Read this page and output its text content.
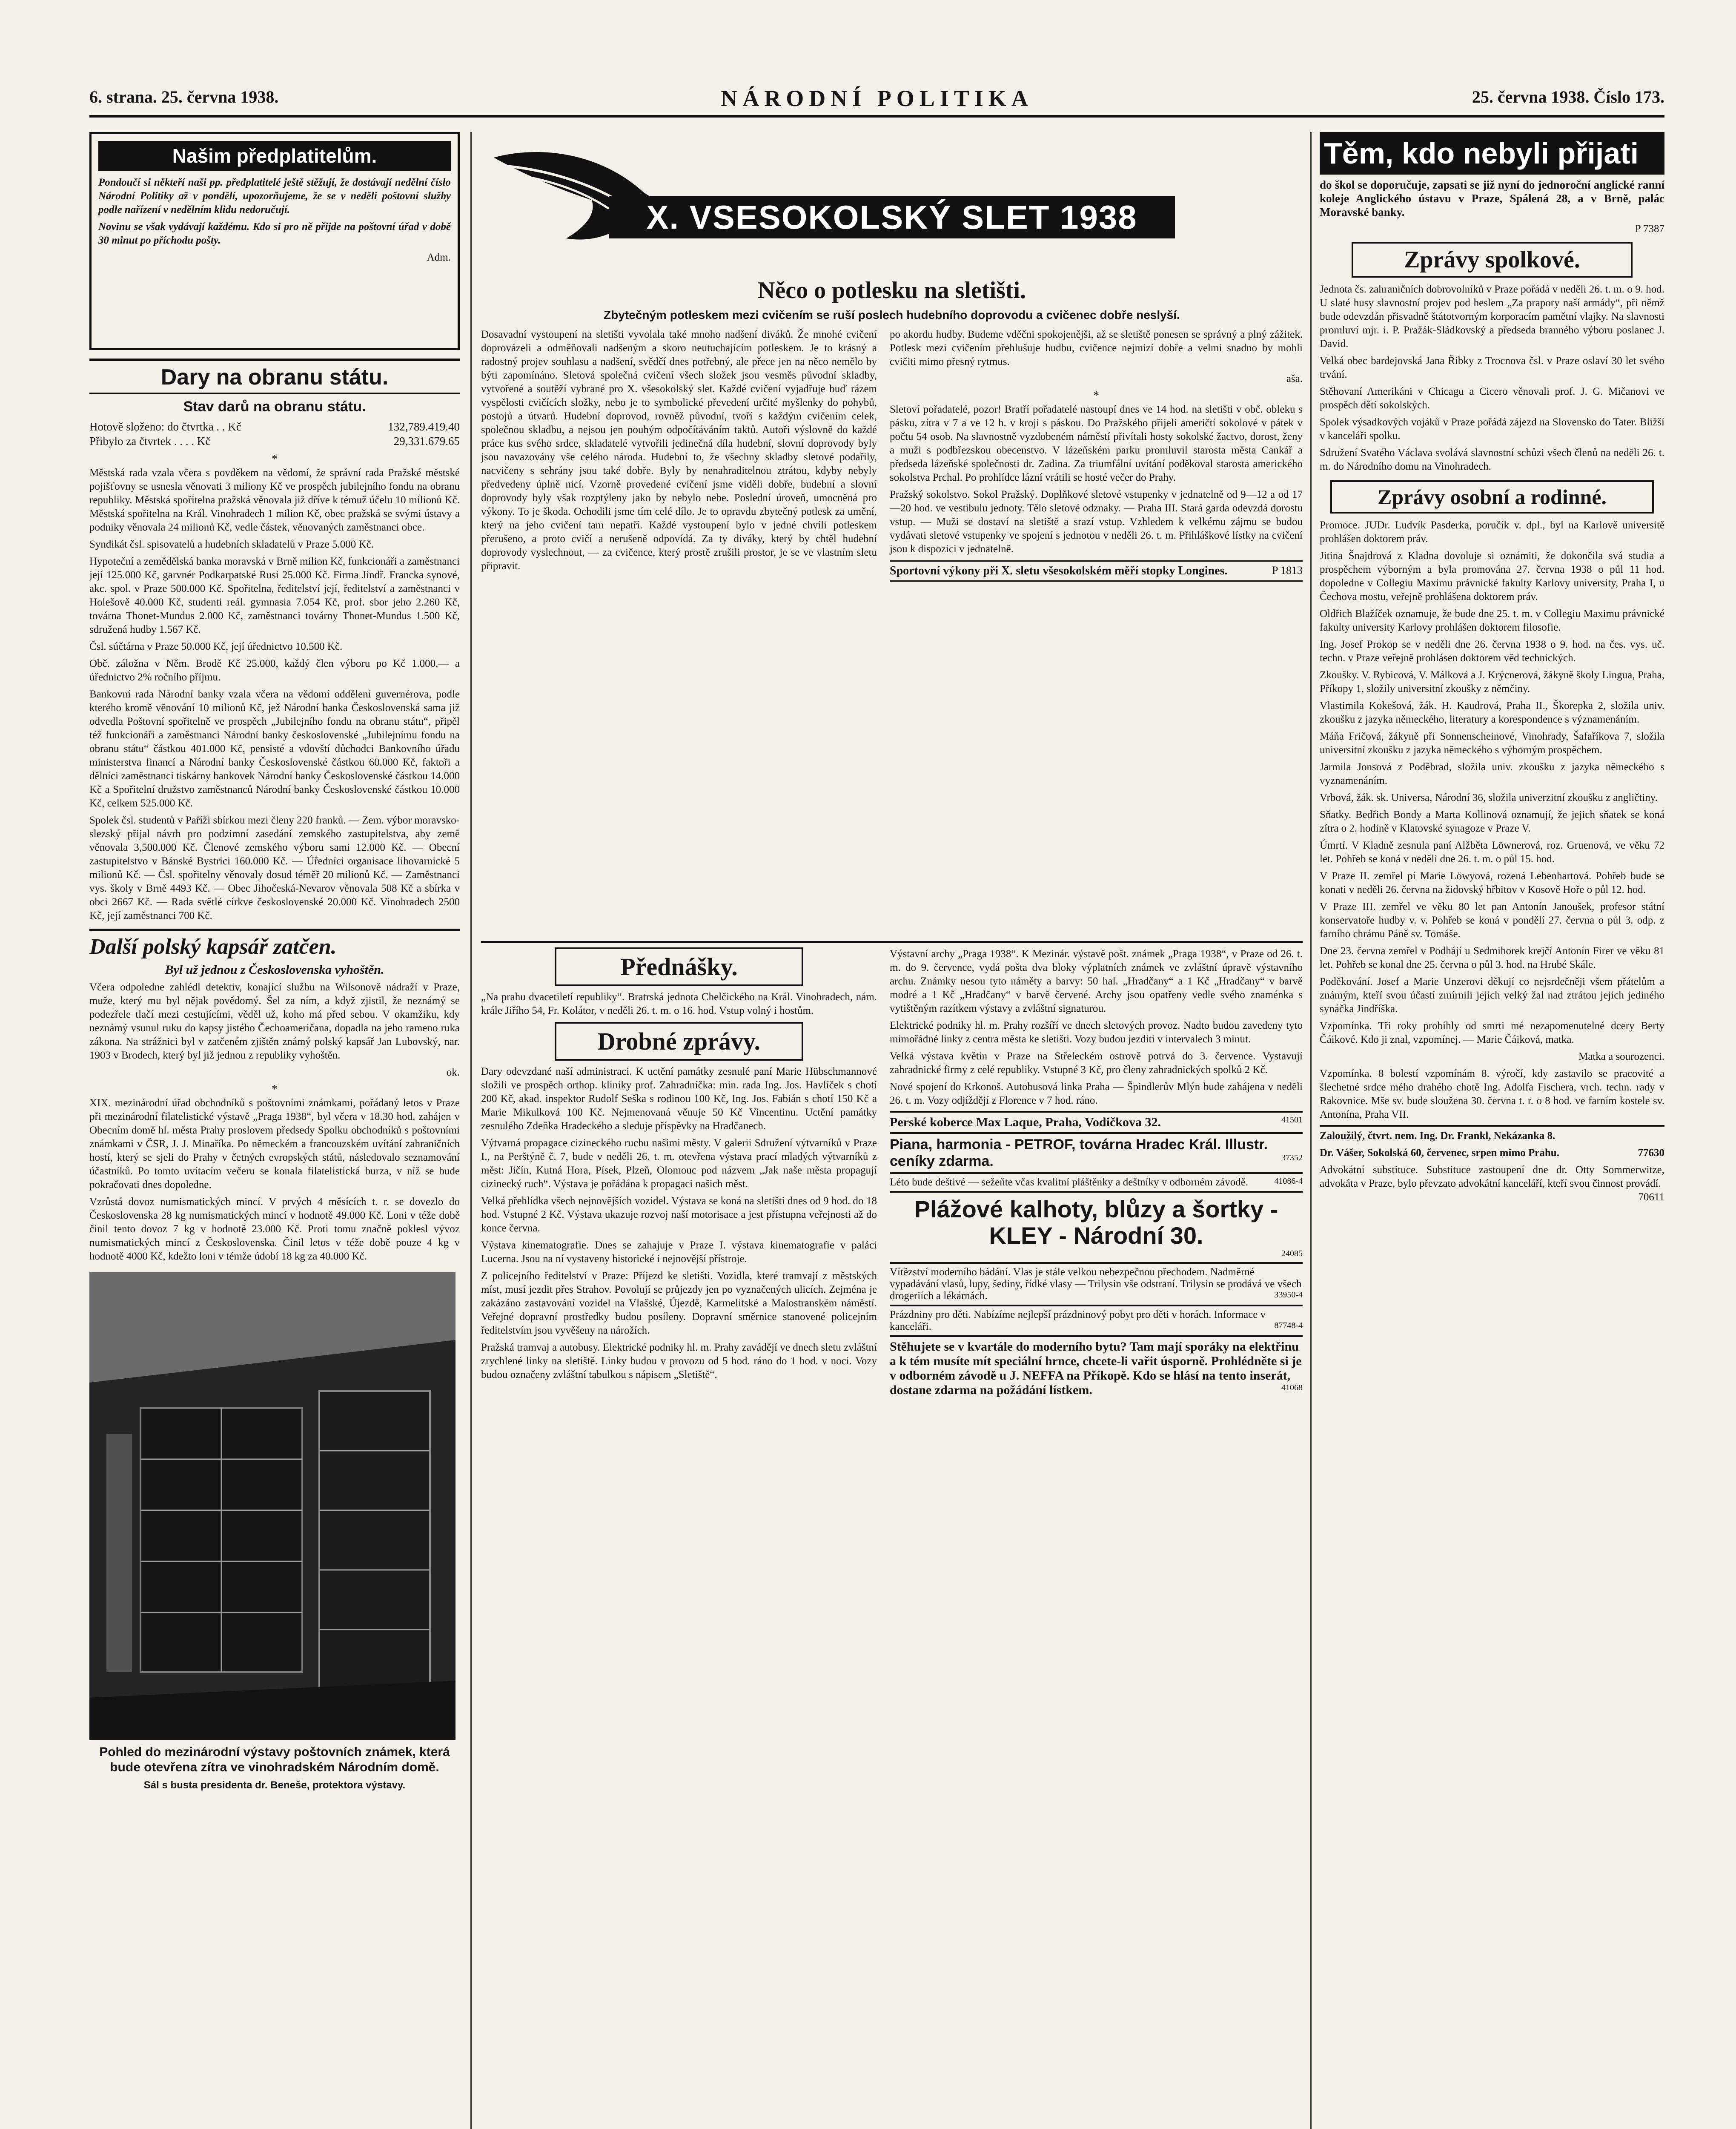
6. strana. 25. června 1938.	NÁRODNÍ POLITIKA	25. června 1938. Číslo 173.
Našim předplatitelům.

Pondoučí si někteří naši pp. předplatitelé ještě stěžují, že dostávají nedělní číslo Národní Politiky až v pondělí, upozorňujeme, že se v neděli poštovní služby podle nařízení v nedělním klidu nedoručují.

Novinu se však vydávají každému. Kdo si pro ně přijde na poštovní úřad v době 30 minut po příchodu pošty.

Adm.

Dary na obranu státu.
Stav darů na obranu státu.
Hotově složeno: do čtvrtka . . Kč	132,789.419.40
Přibylo za čtvrtek . . . . Kč	29,331.679.65
*

Městská rada vzala včera s povděkem na vědomí, že správní rada Pražské městské pojišťovny se usnesla věnovati 3 miliony Kč ve prospěch jubilejního fondu na obranu republiky. Městská spořitelna pražská věnovala již dříve k témuž účelu 10 milionů Kč. Městská spořitelna na Král. Vinohradech 1 milion Kč, obec pražská se svými ústavy a podniky věnovala 24 milionů Kč, vedle částek, věnovaných zaměstnanci obce.

Syndikát čsl. spisovatelů a hudebních skladatelů v Praze 5.000 Kč.

Hypoteční a zemědělská banka moravská v Brně milion Kč, funkcionáři a zaměstnanci její 125.000 Kč, garvnér Podkarpatské Rusi 25.000 Kč. Firma Jindř. Francka synové, akc. spol. v Praze 500.000 Kč. Spořitelna, ředitelství její, ředitelství a zaměstnanci v Holešově 40.000 Kč, studenti reál. gymnasia 7.054 Kč, prof. sbor jeho 2.260 Kč, továrna Thonet-Mundus 2.000 Kč, zaměstnanci továrny Thonet-Mundus 1.500 Kč, sdružená hudby 1.567 Kč.

Čsl. súčtárna v Praze 50.000 Kč, její úřednictvo 10.500 Kč.

Obč. záložna v Něm. Brodě Kč 25.000, každý člen výboru po Kč 1.000.— a úřednictvo 2% ročního příjmu.

Bankovní rada Národní banky vzala včera na vědomí oddělení guvernérova, podle kterého kromě věnování 10 milionů Kč, jež Národní banka Československá sama již odvedla Poštovní spořitelně ve prospěch „Jubilejního fondu na obranu státu“, připěl též funkcionáři a zaměstnanci Národní banky československé „Jubilejnímu fondu na obranu státu“ částkou 401.000 Kč, pensisté a vdovští důchodci Bankovního úřadu ministerstva financí a Národní banky Československé částkou 60.000 Kč, faktoři a dělníci zaměstnanci tiskárny bankovek Národní banky Československé částkou 14.000 Kč a Spořitelní družstvo zaměstnanců Národní banky Československé částkou 10.000 Kč, celkem 525.000 Kč.

Spolek čsl. studentů v Paříži sbírkou mezi členy 220 franků. — Zem. výbor moravsko-slezský přijal návrh pro podzimní zasedání zemského zastupitelstva, aby země věnovala 3,500.000 Kč. Členové zemského výboru sami 12.000 Kč. — Obecní zastupitelstvo v Bánské Bystrici 160.000 Kč. — Úředníci organisace lihovarnické 5 milionů Kč. — Čsl. spořitelny věnovaly dosud téměř 20 milionů Kč. — Zaměstnanci vys. školy v Brně 4493 Kč. — Obec Jihočeská-Nevarov věnovala 508 Kč a sbírka v obci 2667 Kč. — Rada světlé církve československé 20.000 Kč. Vinohradech 2500 Kč, její zaměstnanci 700 Kč.

Další polský kapsář zatčen.
Byl už jednou z Československa vyhoštěn.

Včera odpoledne zahlédl detektiv, konající službu na Wilsonově nádraží v Praze, muže, který mu byl nějak povědomý. Šel za ním, a když zjistil, že neznámý se podezřele tlačí mezi cestujícími, věděl už, koho má před sebou. V okamžiku, kdy neznámý vsunul ruku do kapsy jistého Čechoameričana, dopadla na jeho rameno ruka zákona. Na strážnici byl v zatčeném zjištěn známý polský kapsář Jan Lubovský, nar. 1903 v Brodech, který byl již jednou z republiky vyhoštěn.

ok.

*

XIX. mezinárodní úřad obchodníků s poštovními známkami, pořádaný letos v Praze při mezinárodní filatelistické výstavě „Praga 1938“, byl včera v 18.30 hod. zahájen v Obecním domě hl. města Prahy proslovem předsedy Spolku obchodníků s poštovními známkami v ČSR, J. J. Minaříka. Po německém a francouzském uvítání zahraničních hostí, který se sjeli do Prahy v četných evropských států, následovalo seznamování účastníků. Po tomto uvítacím večeru se konala filatelistická burza, v níž se bude pokračovati dnes dopoledne.

Vzrůstá dovoz numismatických mincí. V prvých 4 měsících t. r. se dovezlo do Československa 28 kg numismatických mincí v hodnotě 49.000 Kč. Loni v téže době činil tento dovoz 7 kg v hodnotě 23.000 Kč. Proti tomu značně poklesl vývoz numismatických mincí z Československa. Činil letos v téže době pouze 4 kg v hodnotě 4000 Kč, kdežto loni v témže údobí 18 kg za 40.000 Kč.

Pohled do mezinárodní výstavy poštovních známek, která bude otevřena zítra ve vinohradském Národním domě.

Sál s busta presidenta dr. Beneše, protektora výstavy.

X. VSESOKOLSKÝ SLET 1938
Něco o potlesku na sletišti.
Zbytečným potleskem mezi cvičením se ruší poslech hudebního doprovodu a cvičenec dobře neslyší.

Dosavadní vystoupení na sletišti vyvolala také mnoho nadšení diváků. Že mnohé cvičení doprovázeli a odměňovali nadšeným a skoro neutuchajícím potleskem. Je to krásný a radostný projev souhlasu a nadšení, svědčí dnes potřebný, ale přece jen na něco nemělo by býti zapomínáno. Sletová společná cvičení všech složek jsou vesměs původní skladby, vytvořené a soutěží vybrané pro X. všesokolský slet. Každé cvičení vyjadřuje buď rázem vyspělosti cvičících složky, nebo je to symbolické převedení určité myšlenky do pohybů, postojů a útvarů. Hudební doprovod, rovněž původní, tvoří s každým cvičením celek, společnou skladbu, a nejsou jen pouhým odpočítáváním taktů. Autoři výslovně do každé práce kus svého srdce, skladatelé vytvořili jedinečná díla hudební, slovní doprovody byly jsou navazovány vše celého národa. Hudební to, že všechny skladby sletové podařily, nacvičeny s sehrány jsou také dobře. Byly by nenahraditelnou ztrátou, kdyby nebyly předvedeny úplně nicí. Vzorně provedené cvičení jsme viděli dobře, budební a slovní doprovody byly však rozptýleny jako by nebylo nebe. Poslední úroveň, umocněná pro výkony. To je škoda. Ochodili jsme tím celé dílo. Je to opravdu zbytečný potlesk za umění, který na jeho cvičení tam nepatří. Každé vystoupení bylo v jedné chvíli potleskem přerušeno, a proto cvičí a nerušeně odpovídá. Za ty diváky, který by chtěl hudební doprovody vyslechnout, — za cvičence, který prostě zrušili prostor, je se ve vlastním sletu připravit.

po akordu hudby. Budeme vděčni spokojenějši, až se sletiště ponesen se správný a plný zážitek. Potlesk mezi cvičením přehlušuje hudbu, cvičence nejmizí dobře a velmi snadno by mohli cvičiti mimo přesný rytmus.

aša.

*

Sletoví pořadatelé, pozor! Bratří pořadatelé nastoupí dnes ve 14 hod. na sletišti v obč. obleku s pásku, zítra v 7 a ve 12 h. v kroji s páskou. Do Pražského přijeli američtí sokolové v pátek v počtu 54 osob. Na slavnostně vyzdobeném náměstí přivítali hosty sokolské žactvo, dorost, ženy a muži s podbřezskou obecenstvo. V lázeňském parku promluvil starosta města Cankář a předseda lázeňské společnosti dr. Zadina. Za triumfální uvítání poděkoval starosta amerického sokolstva Prchal. Po prohlídce lázní vrátili se hosté večer do Prahy.

Pražský sokolstvo. Sokol Pražský. Doplňkové sletové vstupenky v jednatelně od 9—12 a od 17—20 hod. ve vestibulu jednoty. Tělo sletové odznaky. — Praha III. Stará garda odevzdá dorostu vstup. — Muži se dostaví na sletiště a srazí vstup. Vzhledem k velkému zájmu se budou vydávati sletové vstupenky ve spojení s jednotou v neděli 26. t. m. Přihláškové lístky na cvičení jsou k dispozici v jednatelně.

Sportovní výkony při X. sletu všesokolském měří stopky Longines.	P 1813
Přednášky.

„Na prahu dvacetiletí republiky“. Bratrská jednota Chelčického na Král. Vinohradech, nám. krále Jiřího 54, Fr. Kolátor, v neděli 26. t. m. o 16. hod. Vstup volný i hostům.

Drobné zprávy.

Dary odevzdané naší administraci. K uctění památky zesnulé paní Marie Hübschmannové složili ve prospěch orthop. kliniky prof. Zahradníčka: min. rada Ing. Jos. Havlíček s chotí 200 Kč, akad. inspektor Rudolf Seška s rodinou 100 Kč, Ing. Jos. Fabián s chotí 150 Kč a Marie Mikulková 100 Kč. Nejmenovaná věnuje 50 Kč Vincentinu. Uctění památky zesnulého Zdeňka Hradeckého a sleduje příspěvky na Hradčanech.

Výtvarná propagace cizineckého ruchu našimi městy. V galerii Sdružení výtvarníků v Praze I., na Perštýně č. 7, bude v neděli 26. t. m. otevřena výstava prací mladých výtvarníků z měst: Jičín, Kutná Hora, Písek, Plzeň, Olomouc pod názvem „Jak naše města propagují cizinecký ruch“. Výstava je pořádána k propagaci našich měst.

Velká přehlídka všech nejnovějších vozidel. Výstava se koná na sletišti dnes od 9 hod. do 18 hod. Vstupné 2 Kč. Výstava ukazuje rozvoj naší motorisace a jest přístupna veřejnosti až do konce června.

Výstava kinematografie. Dnes se zahajuje v Praze I. výstava kinematografie v paláci Lucerna. Jsou na ní vystaveny historické i nejnovější přístroje.

Z policejního ředitelství v Praze: Příjezd ke sletišti. Vozidla, které tramvají z městských míst, musí jezdit přes Strahov. Povolují se průjezdy jen po vyznačených ulicích. Zejména je zakázáno zastavování vozidel na Vlašské, Újezdě, Karmelitské a Malostranském náměstí. Veřejné dopravní prostředky budou posíleny. Dopravní směrnice stanovené policejním ředitelstvím jsou vyvěšeny na nárožích.

Pražská tramvaj a autobusy. Elektrické podniky hl. m. Prahy zavádějí ve dnech sletu zvláštní zrychlené linky na sletiště. Linky budou v provozu od 5 hod. ráno do 1 hod. v noci. Vozy budou označeny zvláštní tabulkou s nápisem „Sletiště“.

Výstavní archy „Praga 1938“. K Mezinár. výstavě pošt. známek „Praga 1938“, v Praze od 26. t. m. do 9. července, vydá pošta dva bloky výplatních známek ve zvláštní úpravě výstavního archu. Známky nesou tyto náměty a barvy: 50 hal. „Hradčany“ a 1 Kč „Hradčany“ v barvě modré a 1 Kč „Hradčany“ v barvě červené. Archy jsou opatřeny vedle svého znaménka s vytištěným razítkem výstavy a zvláštní signaturou.

Elektrické podniky hl. m. Prahy rozšíří ve dnech sletových provoz. Nadto budou zavedeny tyto mimořádné linky z centra města ke sletišti. Vozy budou jezditi v intervalech 3 minut.

Velká výstava květin v Praze na Střeleckém ostrově potrvá do 3. července. Vystavují zahradnické firmy z celé republiky. Vstupné 3 Kč, pro členy zahradnických spolků 2 Kč.

Nové spojení do Krkonoš. Autobusová linka Praha — Špindlerův Mlýn bude zahájena v neděli 26. t. m. Vozy odjíždějí z Florence v 7 hod. ráno.

Perské koberce Max Laque, Praha, Vodičkova 32.	41501
Piana, harmonia - PETROF, továrna Hradec Král. Illustr. ceníky zdarma.	37352
Léto bude deštivé — sežeňte včas kvalitní pláštěnky a deštníky v odborném závodě.	41086-4
Plážové kalhoty, blůzy a šortky - KLEY - Národní 30.
24085
Vítězství moderního bádání. Vlas je stále velkou nebezpečnou přechodem. Nadměrné vypadávání vlasů, lupy, šediny, řídké vlasy — Trilysin vše odstraní. Trilysin se prodává ve všech drogeriích a lékárnách.	33950-4
Prázdniny pro děti. Nabízíme nejlepší prázdninový pobyt pro děti v horách. Informace v kanceláři.	87748-4
Stěhujete se v kvartále do moderního bytu? Tam mají sporáky na elektřinu a k tém musíte mít speciální hrnce, chcete-li vařit úsporně. Prohlédněte si je v odborném závodě u J. NEFFA na Příkopě. Kdo se hlásí na tento inserát, dostane zdarma na požádání lístkem.	41068
Těm, kdo nebyli přijati

do škol se doporučuje, zapsati se již nyní do jednoroční anglické ranní koleje Anglického ústavu v Praze, Spálená 28, a v Brně, palác Moravské banky.

P 7387

Zprávy spolkové.

Jednota čs. zahraničních dobrovolníků v Praze pořádá v neděli 26. t. m. o 9. hod. U slaté husy slavnostní projev pod heslem „Za prapory naší armády“, při němž bude odevzdán přisvadně štátotvorným korporacím pamětní vlajky. Na slavnosti promluví mjr. i. P. Pražák-Sládkovský a předseda branného výboru poslanec J. David.

Velká obec bardejovská Jana Řibky z Trocnova čsl. v Praze oslaví 30 let svého trvání.

Stěhovaní Amerikáni v Chicagu a Cicero věnovali prof. J. G. Mičanovi ve prospěch dětí sokolských.

Spolek výsadkových vojáků v Praze pořádá zájezd na Slovensko do Tater. Bližší v kanceláři spolku.

Sdružení Svatého Václava svolává slavnostní schůzi všech členů na neděli 26. t. m. do Národního domu na Vinohradech.

Zprávy osobní a rodinné.

Promoce. JUDr. Ludvík Pasderka, poručík v. dpl., byl na Karlově universitě prohlášen doktorem práv.

Jitina Šnajdrová z Kladna dovoluje si oznámiti, že dokončila svá studia a prospěchem výborným a byla promována 27. června 1938 o půl 11 hod. dopoledne v Collegiu Maximu právnické fakulty Karlovy university, Praha I, u Čechova mostu, veřejně prohlášena doktorem práv.

Oldřich Blažíček oznamuje, že bude dne 25. t. m. v Collegiu Maximu právnické fakulty university Karlovy prohlášen doktorem filosofie.

Ing. Josef Prokop se v neděli dne 26. června 1938 o 9. hod. na čes. vys. uč. techn. v Praze veřejně prohlásen doktorem věd technických.

Zkoušky. V. Rybicová, V. Málková a J. Krýcnerová, žákyně školy Lingua, Praha, Příkopy 1, složily universitní zkoušky z němčiny.

Vlastimila Kokešová, žák. H. Kaudrová, Praha II., Škorepka 2, složila univ. zkoušku z jazyka německého, literatury a korespondence s významenáním.

Máňa Fričová, žákyně při Sonnenscheinové, Vinohrady, Šafaříkova 7, složila universitní zkoušku z jazyka německého s výborným prospěchem.

Jarmila Jonsová z Poděbrad, složila univ. zkoušku z jazyka německého s vyznamenáním.

Vrbová, žák. sk. Universa, Národní 36, složila univerzitní zkoušku z angličtiny.

Sňatky. Bedřich Bondy a Marta Kollinová oznamují, že jejich sňatek se koná zítra o 2. hodině v Klatovské synagoze v Praze V.

Úmrtí. V Kladně zesnula paní Alžběta Löwnerová, roz. Gruenová, ve věku 72 let. Pohřeb se koná v neděli dne 26. t. m. o půl 15. hod.

V Praze II. zemřel pí Marie Löwyová, rozená Lebenhartová. Pohřeb bude se konati v neděli 26. června na židovský hřbitov v Kosově Hoře o půl 12. hod.

V Praze III. zemřel ve věku 80 let pan Antonín Janoušek, profesor státní konservatoře hudby v. v. Pohřeb se koná v pondělí 27. června o půl 3. odp. z farního chrámu Páně sv. Tomáše.

Dne 23. června zemřel v Podhájí u Sedmihorek krejčí Antonín Firer ve věku 81 let. Pohřeb se konal dne 25. června o půl 3. hod. na Hrubé Skále.

Poděkování. Josef a Marie Unzerovi děkují co nejsrdečněji všem přátelům a známým, kteří svou účastí zmírnili jejich velký žal nad ztrátou jejich jediného synáčka Jindříška.

Vzpomínka. Tři roky probíhly od smrti mé nezapomenutelné dcery Berty Čáikové. Kdo ji znal, vzpomínej. — Marie Čáiková, matka.

Matka a sourozenci.

Vzpomínka. 8 bolestí vzpomínám 8. výročí, kdy zastavilo se pracovité a šlechetné srdce mého drahého chotě Ing. Adolfa Fischera, vrch. techn. rady v Rakovnice. Mše sv. bude sloužena 30. června t. r. o 8 hod. ve farním kostele sv. Antonína, Praha VII.

Zaloužilý, čtvrt. nem. Ing. Dr. Frankl, Nekázanka 8.

Dr. Vášer, Sokolská 60, červenec, srpen mimo Prahu.	77630

Advokátní substituce. Substituce zastoupení dne dr. Otty Sommerwitze, advokáta v Praze, bylo převzato advokátní kanceláří, kteří svou činnost provádí.
70611
